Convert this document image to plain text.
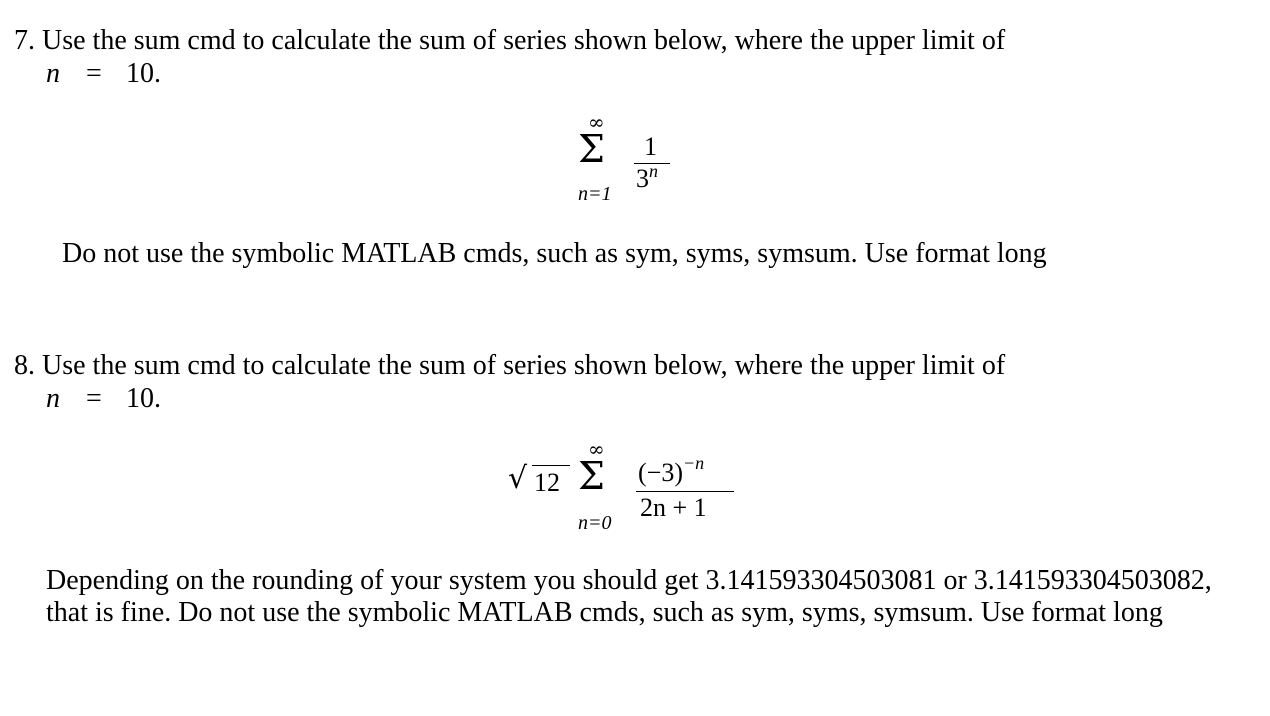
7. Use the sum cmd to calculate the sum of series shown below, where the upper limit of
n = 10.
∞
Σ
n=1
1
3$^n$
Do not use the symbolic MATLAB cmds, such as sym, syms, symsum. Use format long
8. Use the sum cmd to calculate the sum of series shown below, where the upper limit of
n = 10.
√ 12
∞
Σ
n=0
$(-3)^{-n}$
2n + 1
Depending on the rounding of your system you should get 3.141593304503081 or 3.141593304503082, that is fine. Do not use the symbolic MATLAB cmds, such as sym, syms, symsum. Use format long
